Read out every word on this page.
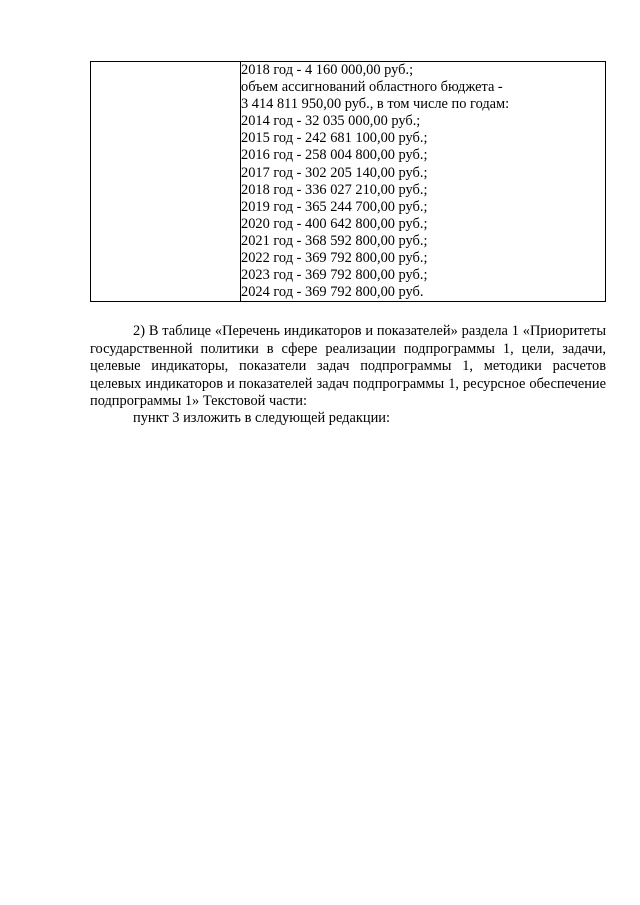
2018 год - 4 160 000,00 руб.;
объем ассигнований областного бюджета -
3 414 811 950,00 руб., в том числе по годам:
2014 год - 32 035 000,00 руб.;
2015 год - 242 681 100,00 руб.;
2016 год - 258 004 800,00 руб.;
2017 год - 302 205 140,00 руб.;
2018 год - 336 027 210,00 руб.;
2019 год - 365 244 700,00 руб.;
2020 год - 400 642 800,00 руб.;
2021 год - 368 592 800,00 руб.;
2022 год - 369 792 800,00 руб.;
2023 год - 369 792 800,00 руб.;
2024 год - 369 792 800,00 руб.
2) В таблице «Перечень индикаторов и показателей» раздела 1 «Приоритеты государственной политики в сфере реализации подпрограммы 1, цели, задачи, целевые индикаторы, показатели задач подпрограммы 1, методики расчетов целевых индикаторов и показателей задач подпрограммы 1, ресурсное обеспечение подпрограммы 1» Текстовой части:
пункт 3 изложить в следующей редакции:
